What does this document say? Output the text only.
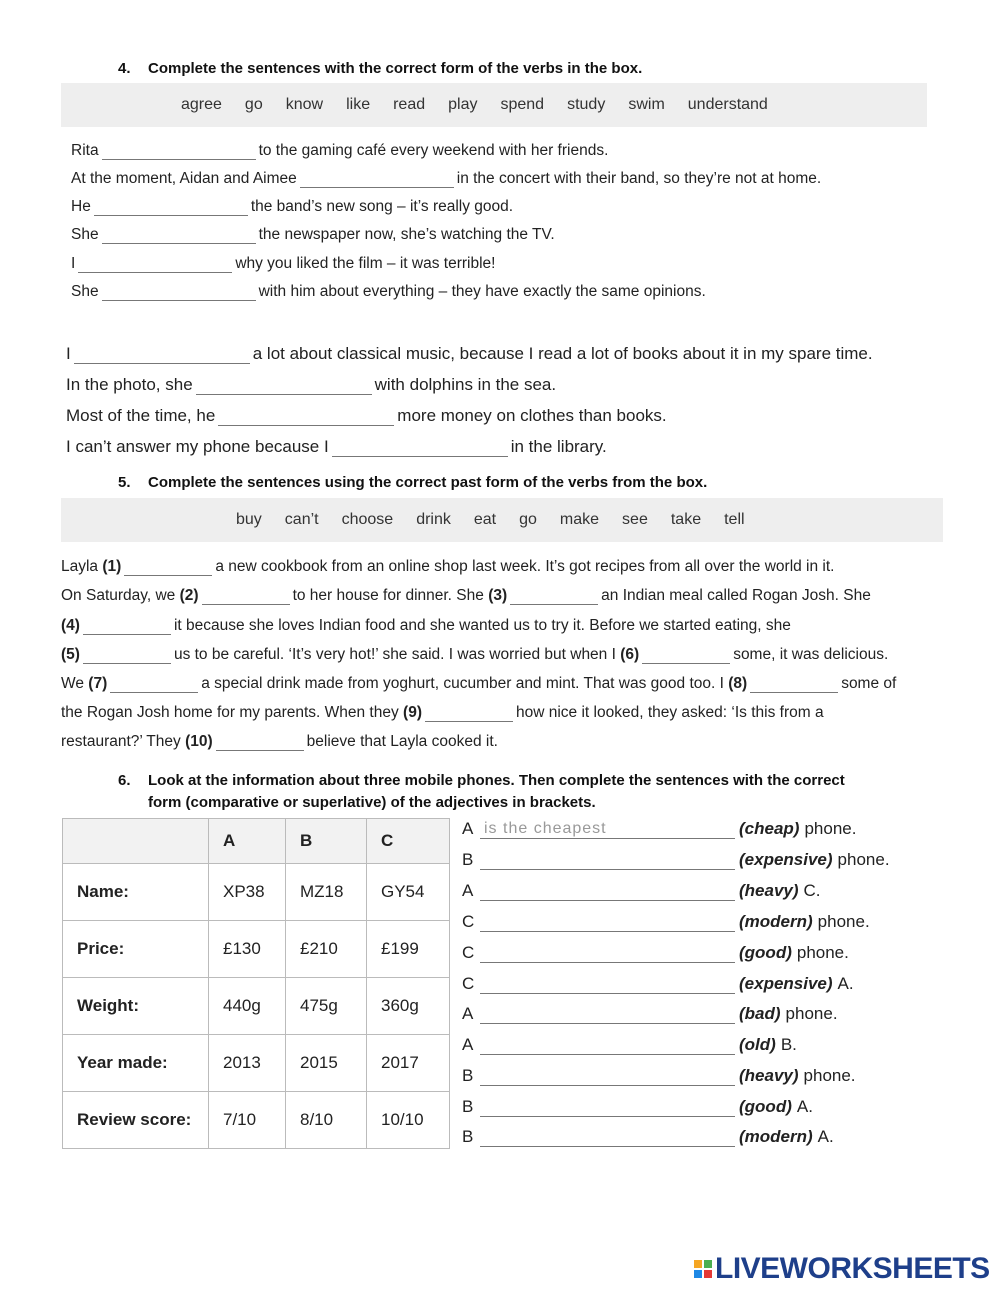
4. Complete the sentences with the correct form of the verbs in the box.
agree go know like read play spend study swim understand
Rita	to the gaming café every weekend with her friends.
At the moment, Aidan and Aimee	in the concert with their band, so they’re not at home.
He	the band’s new song – it’s really good.
She	the newspaper now, she’s watching the TV.
I	why you liked the film – it was terrible!
She	with him about everything – they have exactly the same opinions.
I	a lot about classical music, because I read a lot of books about it in my spare time.
In the photo, she	with dolphins in the sea.
Most of the time, he	more money on clothes than books.
I can’t answer my phone because I	in the library.
5. Complete the sentences using the correct past form of the verbs from the box.
buy can’t choose drink eat go make see take tell
Layla
(1)	a new cookbook from an online shop last week. It’s got recipes from all over the world in it.
On Saturday, we
(2)	to her house for dinner. She
(3)	an Indian meal called Rogan Josh. She
(4)	it because she loves Indian food and she wanted us to try it. Before we started eating, she
(5)	us to be careful. ‘It’s very hot!’ she said. I was worried but when I
(6)	some, it was delicious.
We
(7)	a special drink made from yoghurt, cucumber and mint. That was good too. I
(8)	some of
the Rogan Josh home for my parents. When they
(9)	how nice it looked, they asked: ‘Is this from a
restaurant?’ They
(10)	believe that Layla cooked it.
6. Look at the information about three mobile phones. Then complete the sentences with the correct
form (comparative or superlative) of the adjectives in brackets.
	A	B	C
Name:	XP38	MZ18	GY54
Price:	£130	£210	£199
Weight:	440g	475g	360g
Year made:	2013	2015	2017
Review score:	7/10	8/10	10/10
A
is the cheapest	(cheap) phone.
B	(expensive) phone.
A	(heavy) C.
C	(modern) phone.
C	(good) phone.
C	(expensive) A.
A	(bad) phone.
A	(old) B.
B	(heavy) phone.
B	(good) A.
B	(modern) A.
LIVEWORKSHEETS
